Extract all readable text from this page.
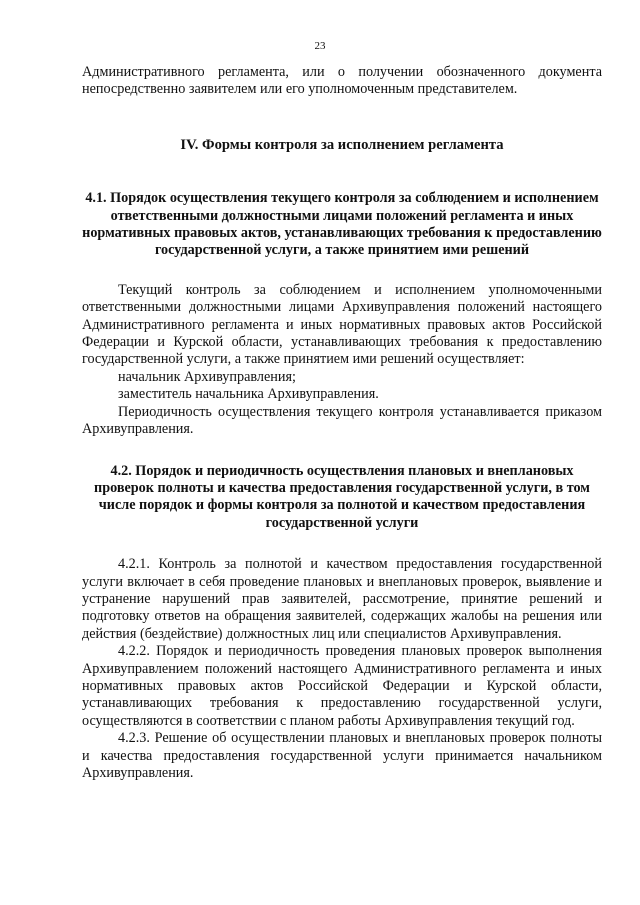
23

Административного регламента, или о получении обозначенного документа непосредственно заявителем или его уполномоченным представителем.

IV. Формы контроля за исполнением регламента
4.1. Порядок осуществления текущего контроля за соблюдением и исполнением ответственными должностными лицами положений регламента и иных нормативных правовых актов, устанавливающих требования к предоставлению государственной услуги, а также принятием ими решений

Текущий контроль за соблюдением и исполнением уполномоченными ответственными должностными лицами Архивуправления положений настоящего Административного регламента и иных нормативных правовых актов Российской Федерации и Курской области, устанавливающих требования к предоставлению государственной услуги, а также принятием ими решений осуществляет:

начальник Архивуправления;

заместитель начальника Архивуправления.

Периодичность осуществления текущего контроля устанавливается приказом Архивуправления.

4.2. Порядок и периодичность осуществления плановых и внеплановых проверок полноты и качества предоставления государственной услуги, в том числе порядок и формы контроля за полнотой и качеством предоставления государственной услуги

4.2.1. Контроль за полнотой и качеством предоставления государственной услуги включает в себя проведение плановых и внеплановых проверок, выявление и устранение нарушений прав заявителей, рассмотрение, принятие решений и подготовку ответов на обращения заявителей, содержащих жалобы на решения или действия (бездействие) должностных лиц или специалистов Архивуправления.

4.2.2. Порядок и периодичность проведения плановых проверок выполнения Архивуправлением положений настоящего Административного регламента и иных нормативных правовых актов Российской Федерации и Курской области, устанавливающих требования к предоставлению государственной услуги, осуществляются в соответствии с планом работы Архивуправления текущий год.

4.2.3. Решение об осуществлении плановых и внеплановых проверок полноты и качества предоставления государственной услуги принимается начальником Архивуправления.
